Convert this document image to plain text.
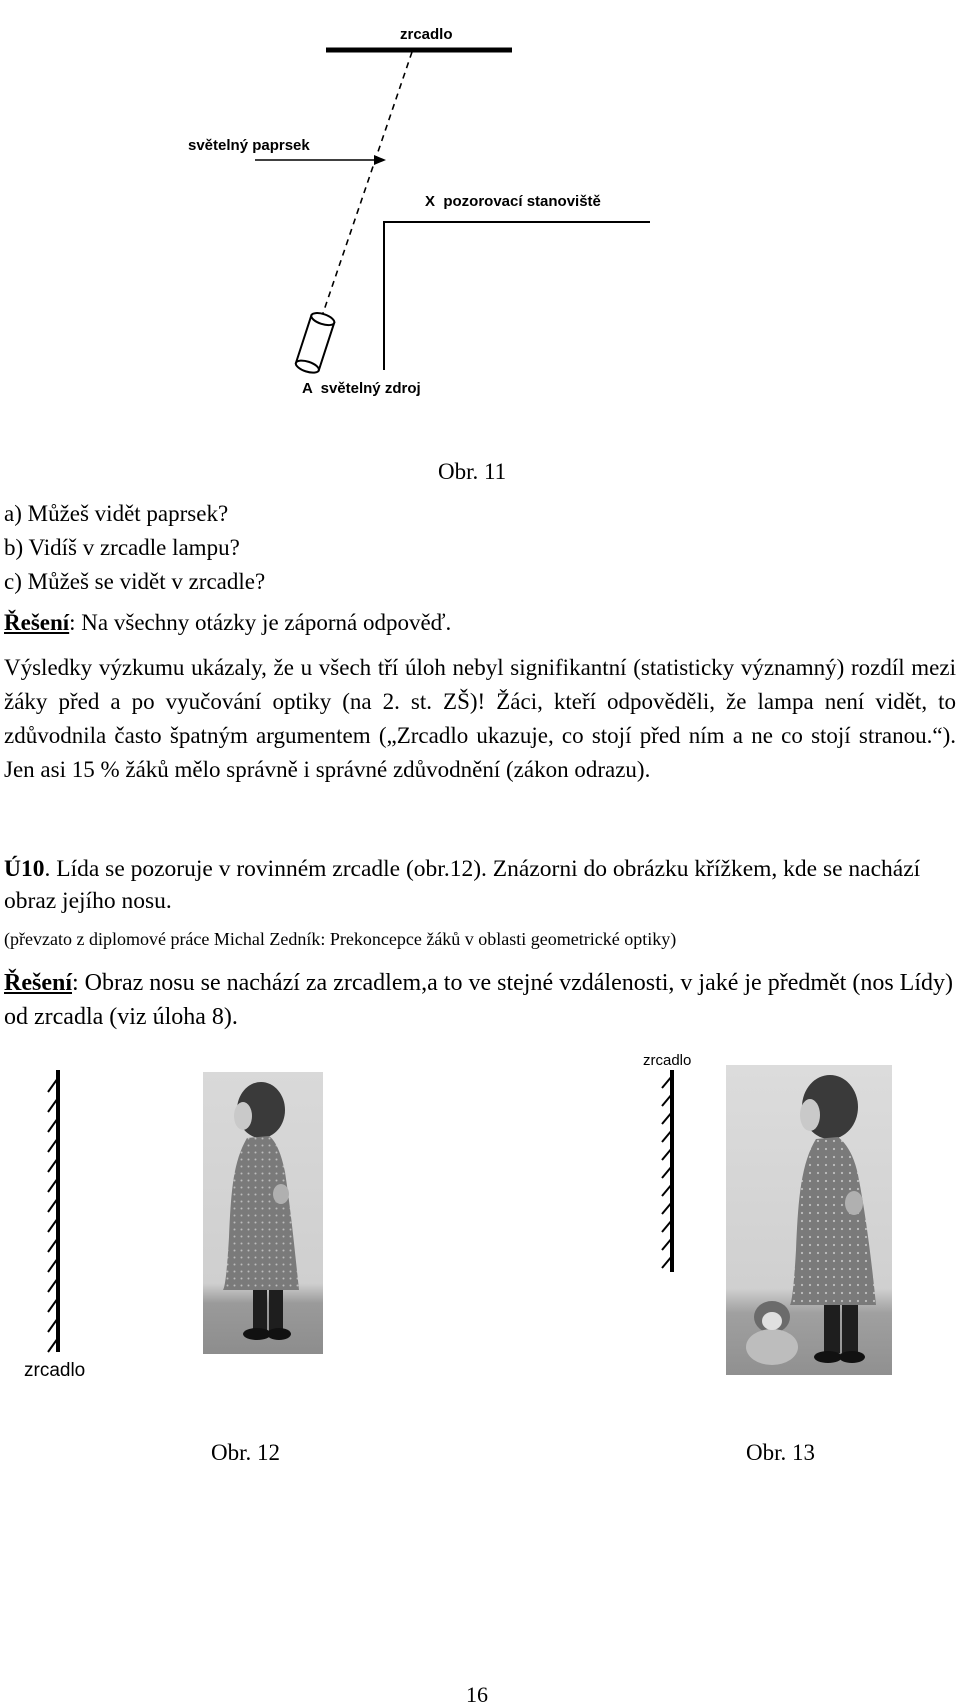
zrcadlo
světelný paprsek
X  pozorovací stanoviště
A  světelný zdroj
Obr. 11
a) Můžeš vidět paprsek?
b) Vidíš v zrcadle lampu?
c) Můžeš se vidět v zrcadle?
Řešení: Na všechny otázky je záporná odpověď.
Výsledky výzkumu ukázaly, že u všech tří úloh nebyl signifikantní (statisticky významný) rozdíl mezi žáky před a po vyučování optiky (na 2. st. ZŠ)! Žáci, kteří odpověděli, že lampa není vidět, to zdůvodnila často špatným argumentem („Zrcadlo ukazuje, co stojí před ním a ne co stojí stranou.“). Jen asi 15 % žáků mělo správně i správné zdůvodnění (zákon odrazu).
Ú10. Lída se pozoruje v rovinném zrcadle (obr.12). Znázorni do obrázku křížkem, kde se nachází obraz jejího nosu.
(převzato z diplomové práce Michal Zedník: Prekoncepce žáků v oblasti geometrické optiky)
Řešení: Obraz nosu se nachází za zrcadlem,a to ve stejné vzdálenosti, v jaké je předmět (nos Lídy) od zrcadla (viz úloha 8).
zrcadlo
Obr. 12
zrcadlo
Obr. 13
16
